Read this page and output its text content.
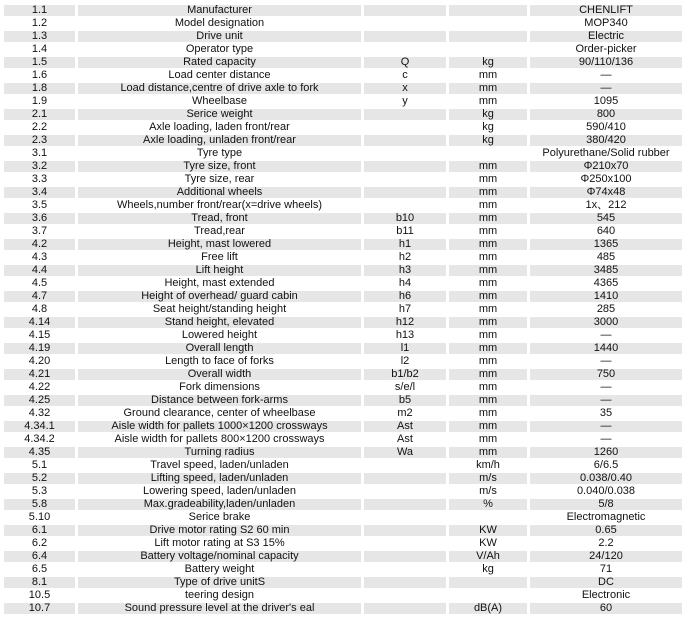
1.1	Manufacturer			CHENLIFT
1.2	Model designation			MOP340
1.3	Drive unit			Electric
1.4	Operator type			Order-picker
1.5	Rated capacity	Q	kg	90/110/136
1.6	Load center distance	c	mm	—
1.8	Load distance,centre of drive axle to fork	x	mm	—
1.9	Wheelbase	y	mm	1095
2.1	Serice weight		kg	800
2.2	Axle loading, laden front/rear		kg	590/410
2.3	Axle loading, unladen front/rear		kg	380/420
3.1	Tyre type			Polyurethane/Solid rubber
3.2	Tyre size, front		mm	Φ210x70
3.3	Tyre size, rear		mm	Φ250x100
3.4	Additional wheels		mm	Φ74x48
3.5	Wheels,number front/rear(x=drive wheels)		mm	1x、212
3.6	Tread, front	b10	mm	545
3.7	Tread,rear	b11	mm	640
4.2	Height, mast lowered	h1	mm	1365
4.3	Free lift	h2	mm	485
4.4	Lift height	h3	mm	3485
4.5	Height, mast extended	h4	mm	4365
4.7	Height of overhead/ guard cabin	h6	mm	1410
4.8	Seat height/standing height	h7	mm	285
4.14	Stand height, elevated	h12	mm	3000
4.15	Lowered height	h13	mm	—
4.19	Overall length	l1	mm	1440
4.20	Length to face of forks	l2	mm	—
4.21	Overall width	b1/b2	mm	750
4.22	Fork dimensions	s/e/l	mm	—
4.25	Distance between fork-arms	b5	mm	—
4.32	Ground clearance, center of wheelbase	m2	mm	35
4.34.1	Aisle width for pallets 1000×1200 crossways	Ast	mm	—
4.34.2	Aisle width for pallets 800×1200 crossways	Ast	mm	—
4.35	Turning radius	Wa	mm	1260
5.1	Travel speed, laden/unladen		km/h	6/6.5
5.2	Lifting speed, laden/unladen		m/s	0.038/0.40
5.3	Lowering speed, laden/unladen		m/s	0.040/0.038
5.8	Max.gradeability,laden/unladen		%	5/8
5.10	Serice brake			Electromagnetic
6.1	Drive motor rating S2 60 min		KW	0.65
6.2	Lift motor rating at S3 15%		KW	2.2
6.4	Battery voltage/nominal capacity		V/Ah	24/120
6.5	Battery weight		kg	71
8.1	Type of drive unitS			DC
10.5	teering design			Electronic
10.7	Sound pressure level at the driver's eal		dB(A)	60
